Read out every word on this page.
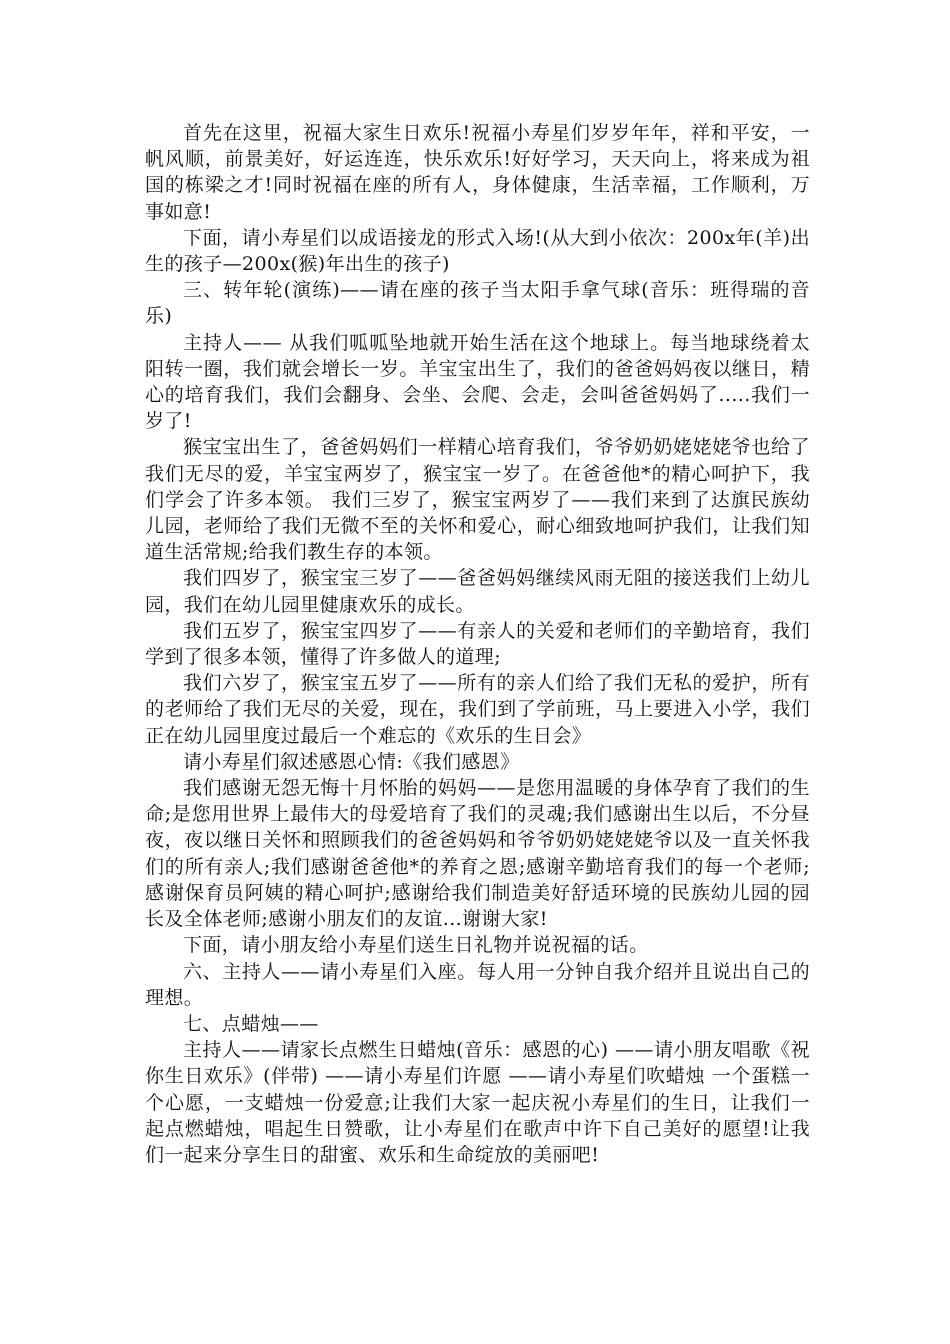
首先在这里，祝福大家生日欢乐!祝福小寿星们岁岁年年，祥和平安，一帆风顺，前景美好，好运连连，快乐欢乐!好好学习，天天向上，将来成为祖国的栋梁之才!同时祝福在座的所有人，身体健康，生活幸福，工作顺利，万事如意!

下面，请小寿星们以成语接龙的形式入场!(从大到小依次：200x年(羊)出生的孩子—200x(猴)年出生的孩子)

三、转年轮(演练)——请在座的孩子当太阳手拿气球(音乐：班得瑞的音乐)

主持人—— 从我们呱呱坠地就开始生活在这个地球上。每当地球绕着太阳转一圈，我们就会增长一岁。羊宝宝出生了，我们的爸爸妈妈夜以继日，精心的培育我们，我们会翻身、会坐、会爬、会走，会叫爸爸妈妈了.....我们一岁了!

猴宝宝出生了，爸爸妈妈们一样精心培育我们，爷爷奶奶姥姥姥爷也给了我们无尽的爱，羊宝宝两岁了，猴宝宝一岁了。在爸爸他*的精心呵护下，我们学会了许多本领。 我们三岁了，猴宝宝两岁了——我们来到了达旗民族幼儿园，老师给了我们无微不至的关怀和爱心，耐心细致地呵护我们，让我们知道生活常规;给我们教生存的本领。

我们四岁了，猴宝宝三岁了——爸爸妈妈继续风雨无阻的接送我们上幼儿园，我们在幼儿园里健康欢乐的成长。

我们五岁了，猴宝宝四岁了——有亲人的关爱和老师们的辛勤培育，我们学到了很多本领，懂得了许多做人的道理;

我们六岁了，猴宝宝五岁了——所有的亲人们给了我们无私的爱护，所有的老师给了我们无尽的关爱，现在，我们到了学前班，马上要进入小学，我们正在幼儿园里度过最后一个难忘的《欢乐的生日会》

请小寿星们叙述感恩心情:《我们感恩》

我们感谢无怨无悔十月怀胎的妈妈——是您用温暖的身体孕育了我们的生命;是您用世界上最伟大的母爱培育了我们的灵魂;我们感谢出生以后，不分昼夜，夜以继日关怀和照顾我们的爸爸妈妈和爷爷奶奶姥姥姥爷以及一直关怀我们的所有亲人;我们感谢爸爸他*的养育之恩;感谢辛勤培育我们的每一个老师;感谢保育员阿姨的精心呵护;感谢给我们制造美好舒适环境的民族幼儿园的园长及全体老师;感谢小朋友们的友谊...谢谢大家!

下面，请小朋友给小寿星们送生日礼物并说祝福的话。

六、主持人——请小寿星们入座。每人用一分钟自我介绍并且说出自己的理想。

七、点蜡烛——

主持人——请家长点燃生日蜡烛(音乐：感恩的心) ——请小朋友唱歌《祝你生日欢乐》(伴带) ——请小寿星们许愿 ——请小寿星们吹蜡烛 一个蛋糕一个心愿，一支蜡烛一份爱意;让我们大家一起庆祝小寿星们的生日，让我们一起点燃蜡烛，唱起生日赞歌，让小寿星们在歌声中许下自己美好的愿望!让我们一起来分享生日的甜蜜、欢乐和生命绽放的美丽吧!
